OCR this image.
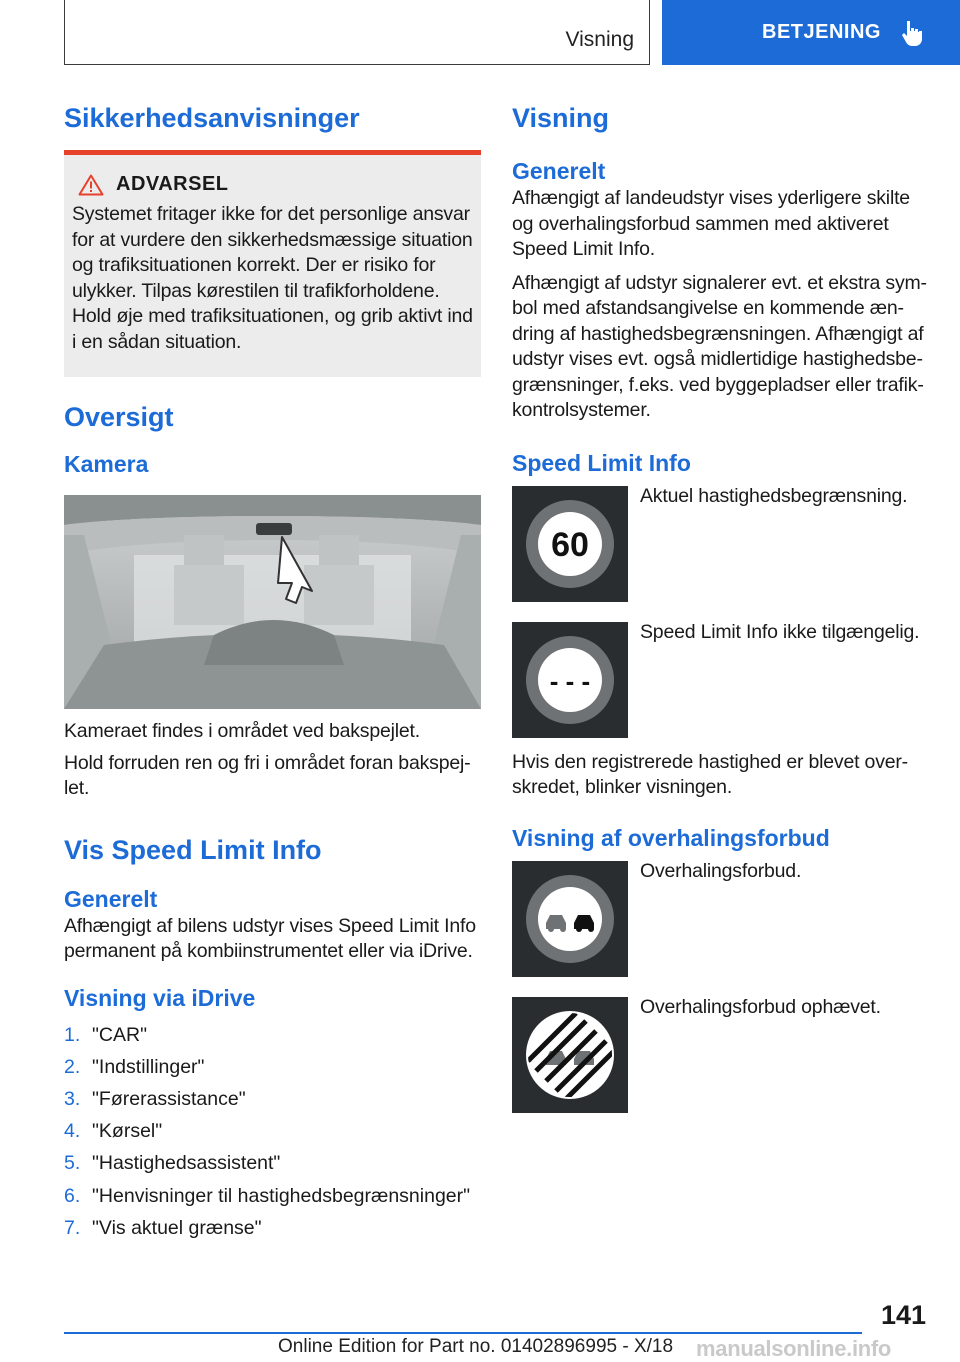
Visning	BETJENING
Sikkerhedsanvisninger
ADVARSEL

Systemet fritager ikke for det personlige ansvar for at vurdere den sikkerhedsmæssige situation og trafiksituationen korrekt. Der er risiko for ulykker. Tilpas kørestilen til trafikforholdene. Hold øje med trafiksituationen, og grib aktivt ind i en sådan situation.

Oversigt
Kamera

Kameraet findes i området ved bakspejlet.

Hold forruden ren og fri i området foran bakspej-let.

Vis Speed Limit Info
Generelt

Afhængigt af bilens udstyr vises Speed Limit Info permanent på kombiinstrumentet eller via iDrive.

Visning via iDrive
1. "CAR"
2. "Indstillinger"
3. "Førerassistance"
4. "Kørsel"
5. "Hastighedsassistent"
6. "Henvisninger til hastighedsbegrænsninger"
7. "Vis aktuel grænse"
Visning
Generelt

Afhængigt af landeudstyr vises yderligere skilte og overhalingsforbud sammen med aktiveret Speed Limit Info.

Afhængigt af udstyr signalerer evt. et ekstra sym-bol med afstandsangivelse en kommende æn-dring af hastighedsbegrænsningen. Afhængigt af udstyr vises evt. også midlertidige hastighedsbe-grænsninger, f.eks. ved byggepladser eller trafik-kontrolsystemer.

Speed Limit Info
60

Aktuel hastighedsbegrænsning.

- - -

Speed Limit Info ikke tilgængelig.

Hvis den registrerede hastighed er blevet over-skredet, blinker visningen.

Visning af overhalingsforbud

Overhalingsforbud.

Overhalingsforbud ophævet.

141
Online Edition for Part no. 01402896995 - X/18 manualsonline.info
